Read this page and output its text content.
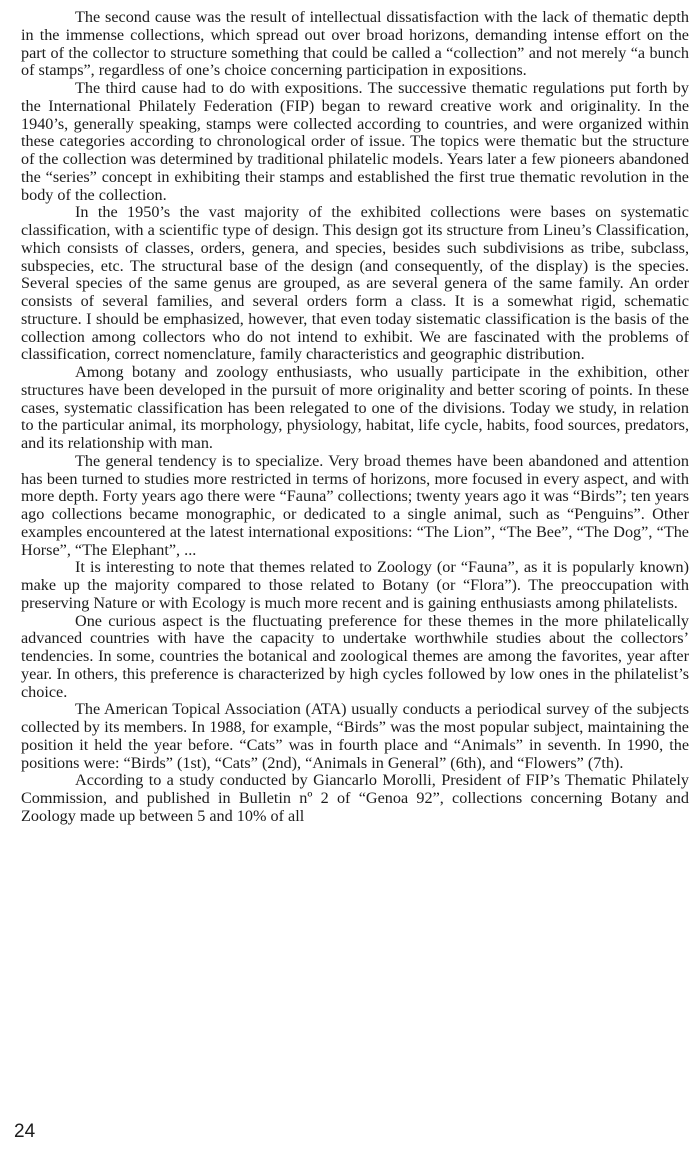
The second cause was the result of intellectual dissatisfaction with the lack of thematic depth in the immense collections, which spread out over broad horizons, demanding intense effort on the part of the collector to structure something that could be called a “collection” and not merely “a bunch of stamps”, regardless of one’s choice concerning participation in expositions.

The third cause had to do with expositions. The successive thematic regulations put forth by the International Philately Federation (FIP) began to reward creative work and originality. In the 1940’s, generally speaking, stamps were collected according to countries, and were organized within these categories according to chronological order of issue. The topics were thematic but the structure of the collection was determined by traditional philatelic models. Years later a few pioneers abandoned the “series” concept in exhibiting their stamps and established the first true thematic revolution in the body of the collection.

In the 1950’s the vast majority of the exhibited collections were bases on systematic classification, with a scientific type of design. This design got its structure from Lineu’s Classification, which consists of classes, orders, genera, and species, besides such subdivisions as tribe, subclass, subspecies, etc. The structural base of the design (and consequently, of the display) is the species. Several species of the same genus are grouped, as are several genera of the same family. An order consists of several families, and several orders form a class. It is a somewhat rigid, schematic structure. I should be emphasized, however, that even today sistematic classification is the basis of the collection among collectors who do not intend to exhibit. We are fascinated with the problems of classification, correct nomenclature, family characteristics and geographic distribution.

Among botany and zoology enthusiasts, who usually participate in the exhibition, other structures have been developed in the pursuit of more originality and better scoring of points. In these cases, systematic classification has been relegated to one of the divisions. Today we study, in relation to the particular animal, its morphology, physiology, habitat, life cycle, habits, food sources, predators, and its relationship with man.

The general tendency is to specialize. Very broad themes have been abandoned and attention has been turned to studies more restricted in terms of horizons, more focused in every aspect, and with more depth. Forty years ago there were “Fauna” collections; twenty years ago it was “Birds”; ten years ago collections became monographic, or dedicated to a single animal, such as “Penguins”. Other examples encountered at the latest international expositions: “The Lion”, “The Bee”, “The Dog”, “The Horse”, “The Elephant”, ...

It is interesting to note that themes related to Zoology (or “Fauna”, as it is popularly known) make up the majority compared to those related to Botany (or “Flora”). The preoccupation with preserving Nature or with Ecology is much more recent and is gaining enthusiasts among philatelists.

One curious aspect is the fluctuating preference for these themes in the more philatelically advanced countries with have the capacity to undertake worthwhile studies about the collectors’ tendencies. In some, countries the botanical and zoological themes are among the favorites, year after year. In others, this preference is characterized by high cycles followed by low ones in the philatelist’s choice.

The American Topical Association (ATA) usually conducts a periodical survey of the subjects collected by its members. In 1988, for example, “Birds” was the most popular subject, maintaining the position it held the year before. “Cats” was in fourth place and “Animals” in seventh. In 1990, the positions were: “Birds” (1st), “Cats” (2nd), “Animals in General” (6th), and “Flowers” (7th).

According to a study conducted by Giancarlo Morolli, President of FIP’s Thematic Philately Commission, and published in Bulletin nº 2 of “Genoa 92”, collections concerning Botany and Zoology made up between 5 and 10% of all

24
